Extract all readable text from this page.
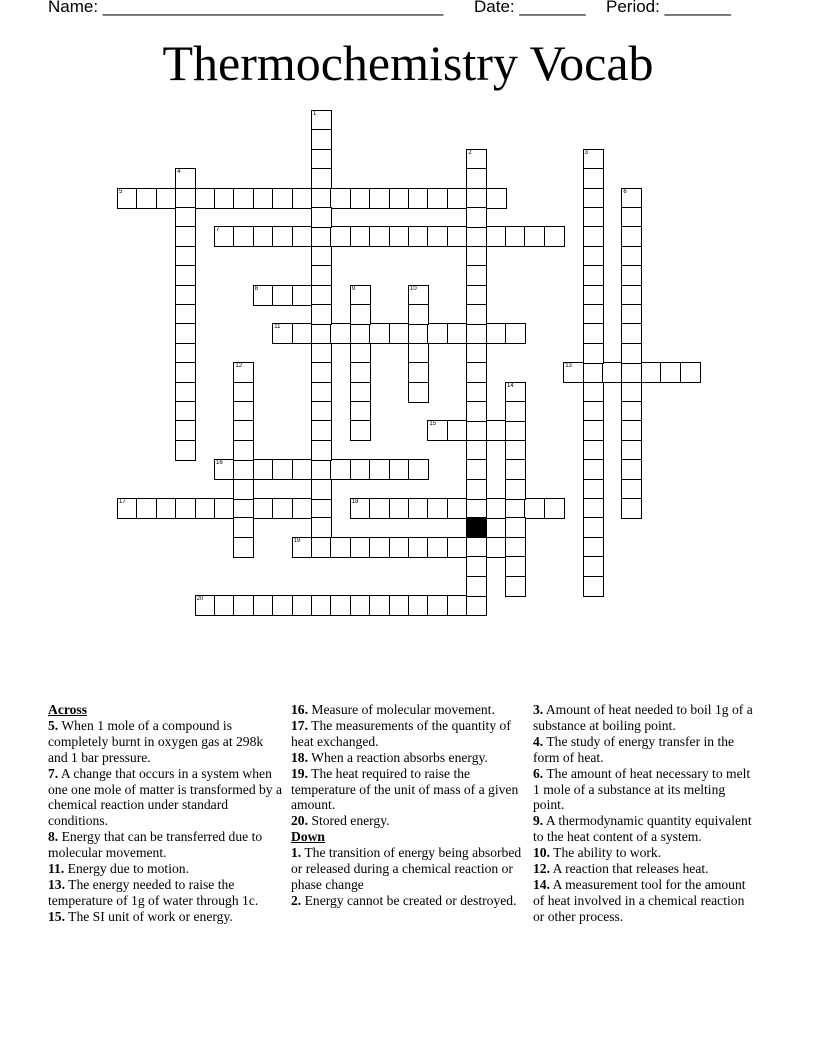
Name: ____________________________________ Date: _______ Period: _______
Thermochemistry Vocab
5
7
8
11
13
15
16
17	18
19
20
1
2	3
4
6
9	10
12
14
Across
5. When 1 mole of a compound is completely burnt in oxygen gas at 298k and 1 bar pressure.
7. A change that occurs in a system when one one mole of matter is transformed by a chemical reaction under standard conditions.
8. Energy that can be transferred due to molecular movement.
11. Energy due to motion.
13. The energy needed to raise the temperature of 1g of water through 1c.
15. The SI unit of work or energy.
16. Measure of molecular movement.
17. The measurements of the quantity of heat exchanged.
18. When a reaction absorbs energy.
19. The heat required to raise the temperature of the unit of mass of a given amount.
20. Stored energy.
Down
1. The transition of energy being absorbed or released during a chemical reaction or phase change
2. Energy cannot be created or destroyed.
3. Amount of heat needed to boil 1g of a substance at boiling point.
4. The study of energy transfer in the form of heat.
6. The amount of heat necessary to melt 1 mole of a substance at its melting point.
9. A thermodynamic quantity equivalent to the heat content of a system.
10. The ability to work.
12. A reaction that releases heat.
14. A measurement tool for the amount of heat involved in a chemical reaction or other process.
